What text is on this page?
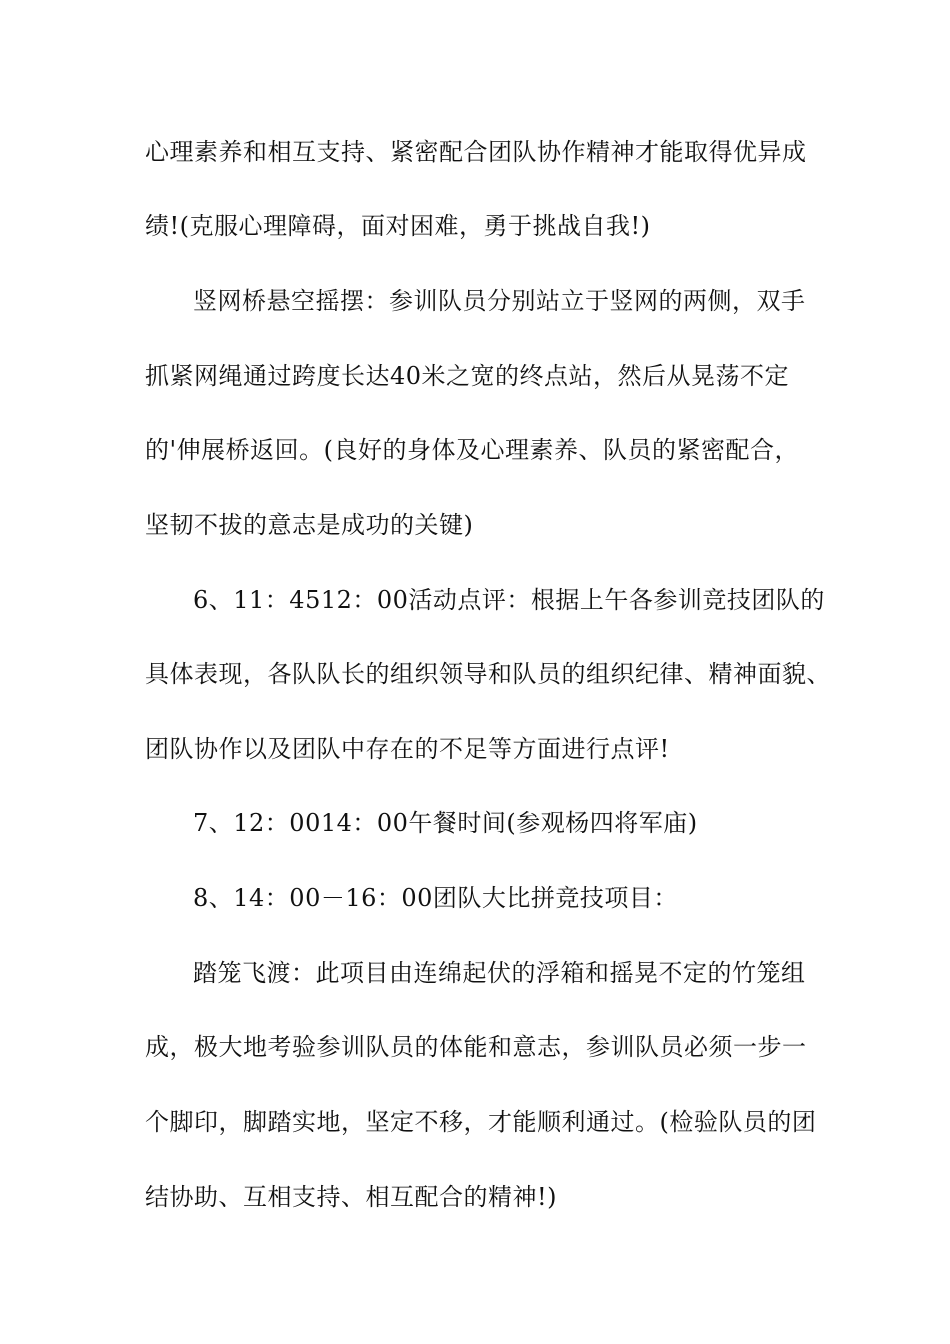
心理素养和相互支持、紧密配合团队协作精神才能取得优异成
绩!(克服心理障碍，面对困难，勇于挑战自我!)
竖网桥悬空摇摆：参训队员分别站立于竖网的两侧，双手
抓紧网绳通过跨度长达40米之宽的终点站，然后从晃荡不定
的'伸展桥返回。(良好的身体及心理素养、队员的紧密配合，
坚韧不拔的意志是成功的关键)
6、11：4512：00活动点评：根据上午各参训竞技团队的
具体表现，各队队长的组织领导和队员的组织纪律、精神面貌、
团队协作以及团队中存在的不足等方面进行点评!
7、12：0014：00午餐时间(参观杨四将军庙)
8、14：00－16：00团队大比拼竞技项目：
踏笼飞渡：此项目由连绵起伏的浮箱和摇晃不定的竹笼组
成，极大地考验参训队员的体能和意志，参训队员必须一步一
个脚印，脚踏实地，坚定不移，才能顺利通过。(检验队员的团
结协助、互相支持、相互配合的精神!)
